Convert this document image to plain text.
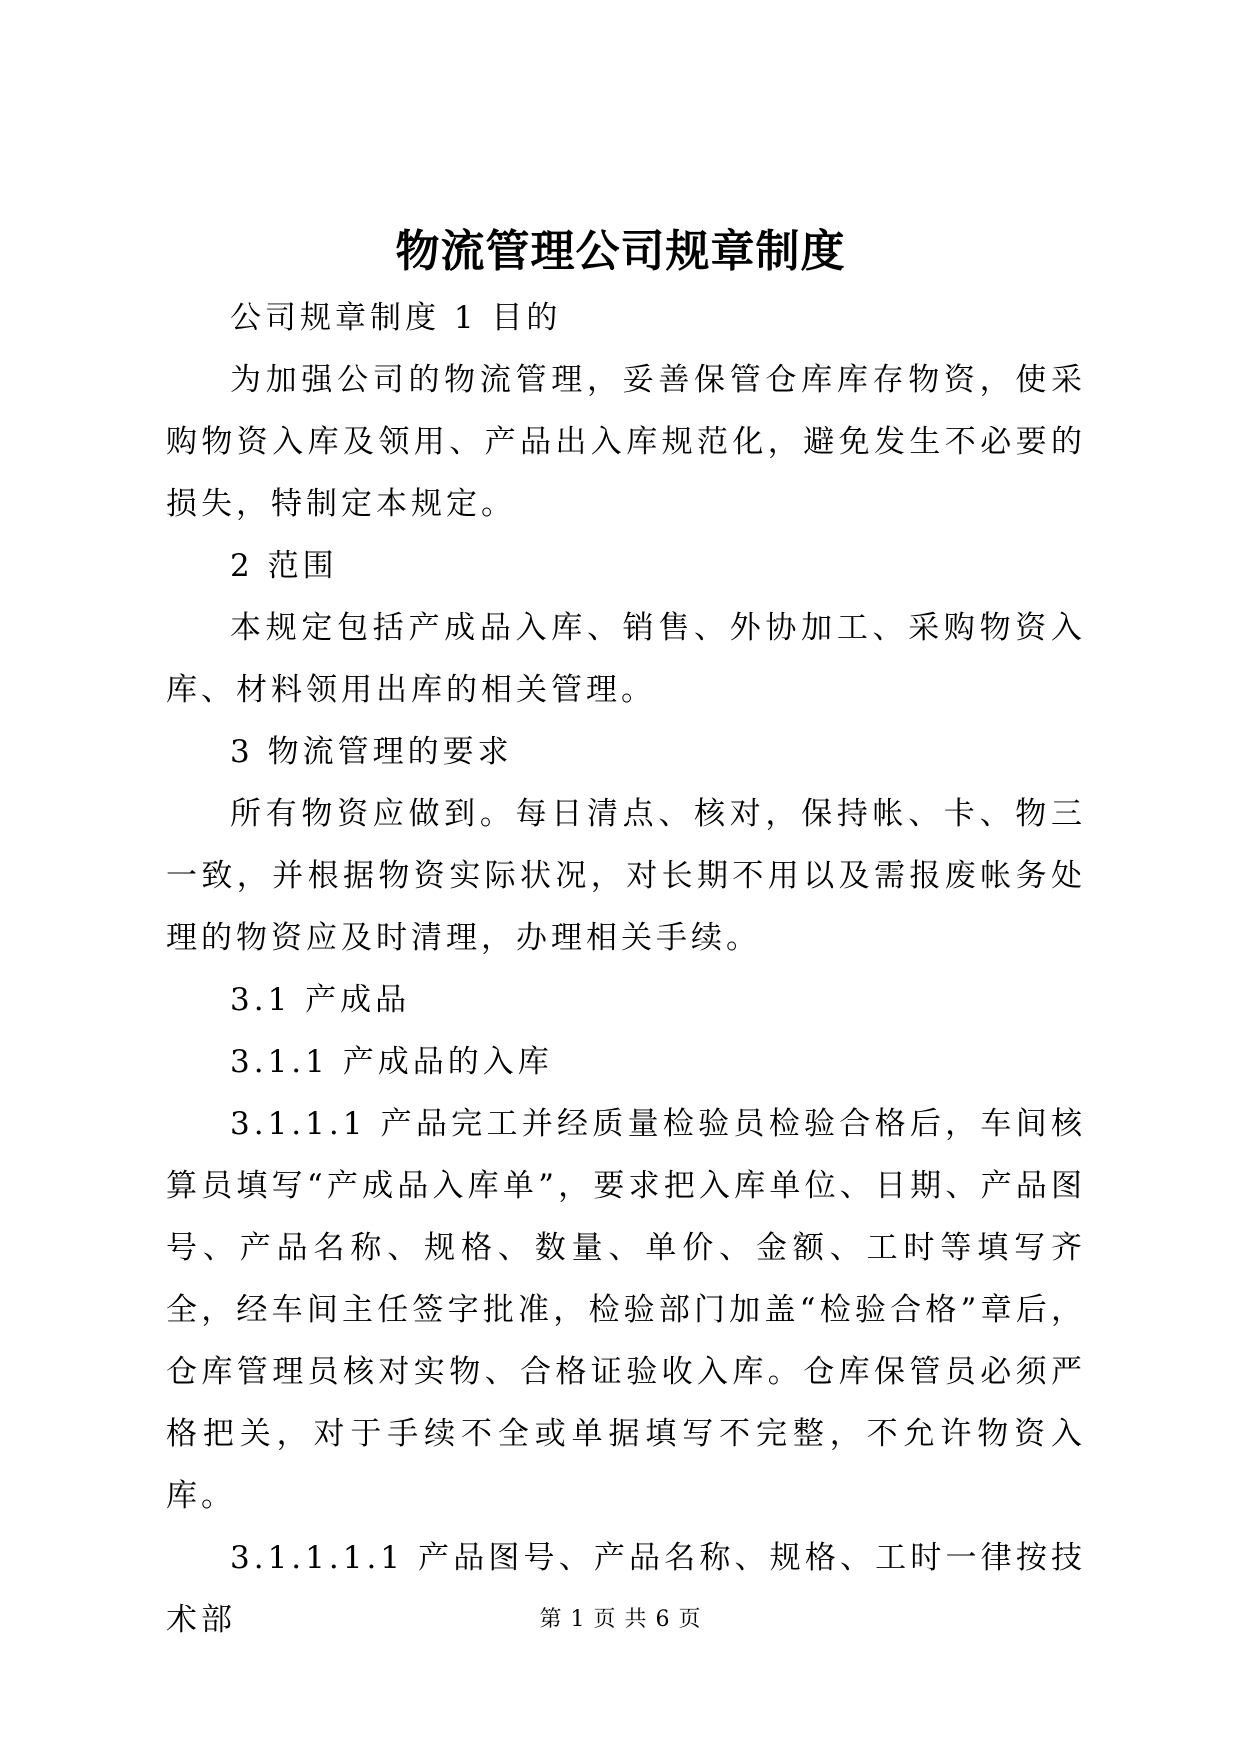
物流管理公司规章制度

公司规章制度 1 目的

为加强公司的物流管理，妥善保管仓库库存物资，使采购物资入库及领用、产品出入库规范化，避免发生不必要的损失，特制定本规定。

2 范围

本规定包括产成品入库、销售、外协加工、采购物资入库、材料领用出库的相关管理。

3 物流管理的要求

所有物资应做到。每日清点、核对，保持帐、卡、物三一致，并根据物资实际状况，对长期不用以及需报废帐务处理的物资应及时清理，办理相关手续。

3.1 产成品

3.1.1 产成品的入库

3.1.1.1 产品完工并经质量检验员检验合格后，车间核算员填写“产成品入库单”，要求把入库单位、日期、产品图号、产品名称、规格、数量、单价、金额、工时等填写齐全，经车间主任签字批准，检验部门加盖“检验合格”章后，仓库管理员核对实物、合格证验收入库。仓库保管员必须严格把关，对于手续不全或单据填写不完整，不允许物资入库。

3.1.1.1.1 产品图号、产品名称、规格、工时一律按技术部	第 1 页 共 6 页
